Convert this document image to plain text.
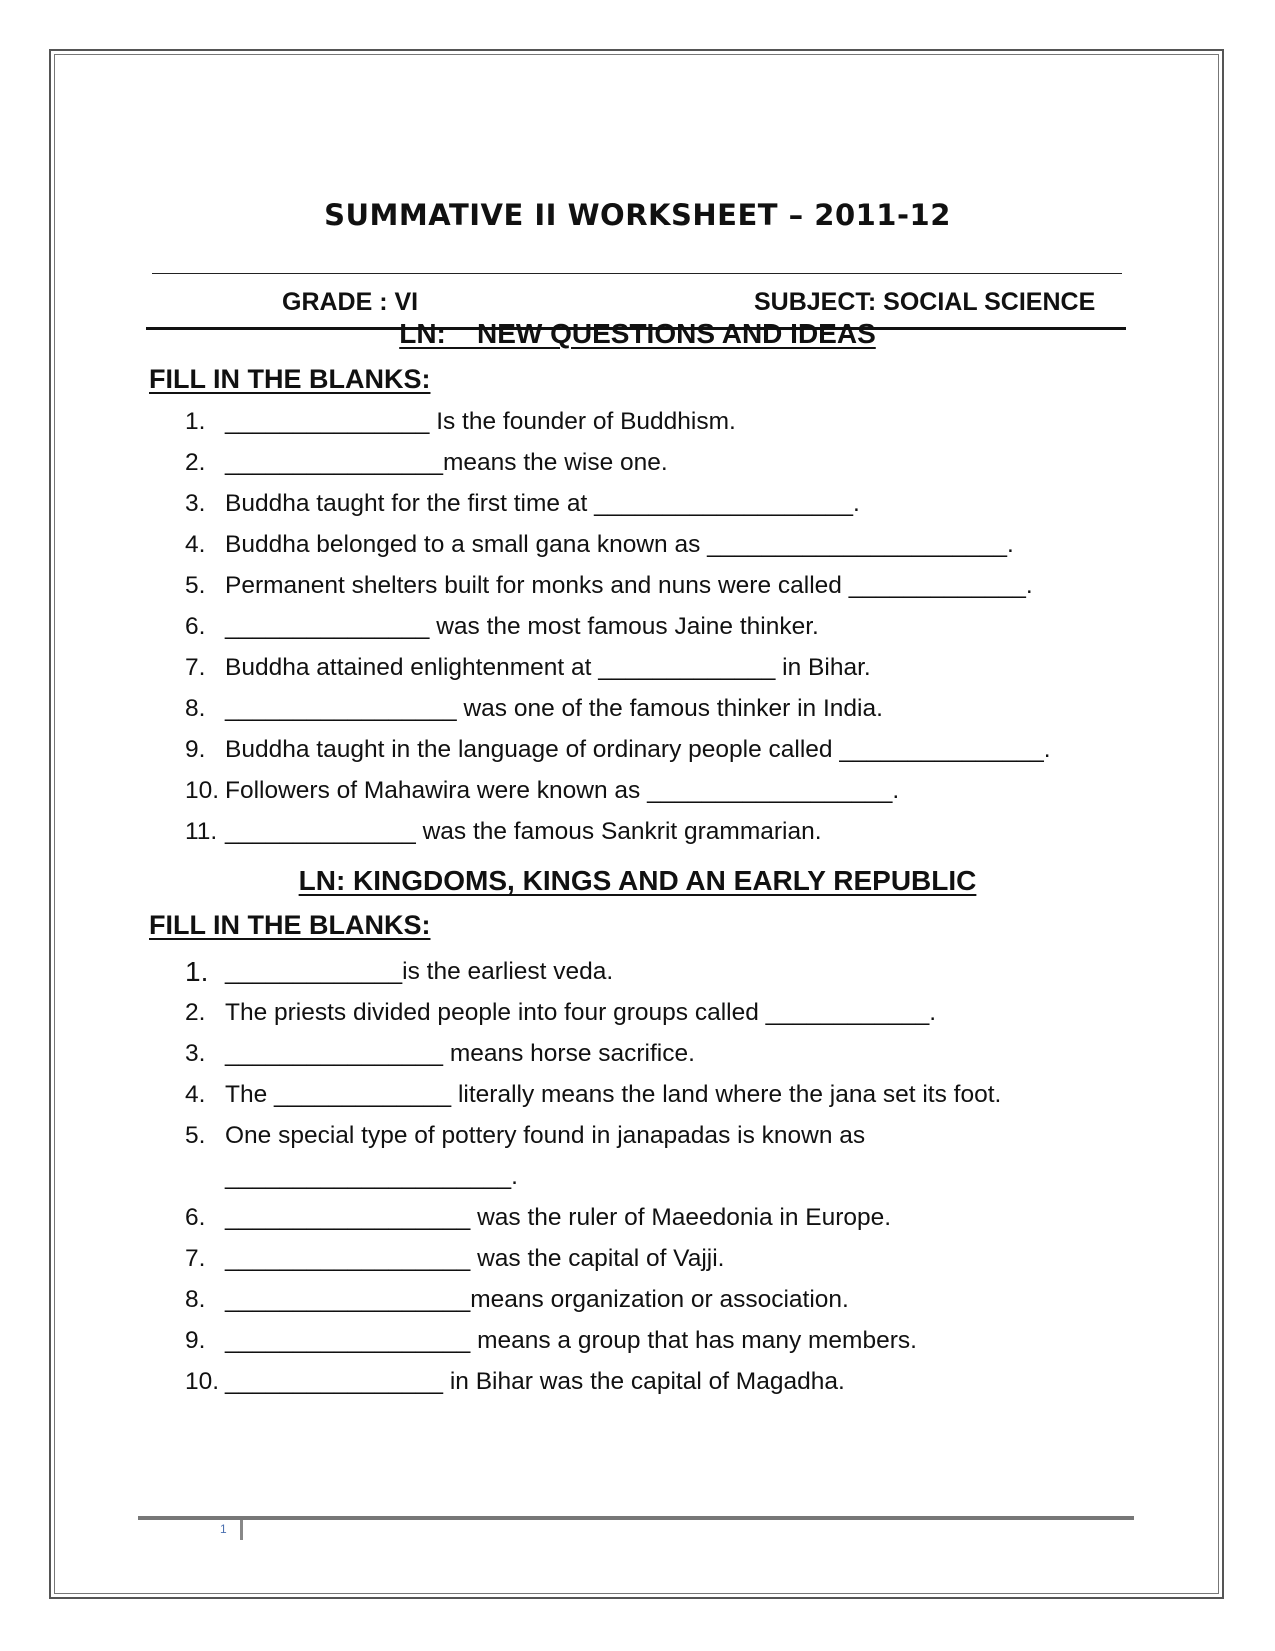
SUMMATIVE II WORKSHEET – 2011-12
GRADE : VI	SUBJECT: SOCIAL SCIENCE
LN:    NEW QUESTIONS AND IDEAS
FILL IN THE BLANKS:
1. _______________ Is the founder of Buddhism.
2. ________________means the wise one.
3. Buddha taught for the first time at ___________________.
4. Buddha belonged to a small gana known as ______________________.
5. Permanent shelters built for monks and nuns were called _____________.
6. _______________ was the most famous Jaine thinker.
7. Buddha attained enlightenment at _____________ in Bihar.
8. _________________ was one of the famous thinker in India.
9. Buddha taught in the language of ordinary people called _______________.
10. Followers of Mahawira were known as __________________.
11. ______________ was the famous Sankrit grammarian.
LN: KINGDOMS, KINGS AND AN EARLY REPUBLIC
FILL IN THE BLANKS:
1. _____________is the earliest veda.
2. The priests divided people into four groups called ____________.
3. ________________ means horse sacrifice.
4. The _____________ literally means the land where the jana set its foot.
5. One special type of pottery found in janapadas is known as _____________________.
6. __________________ was the ruler of Maeedonia in Europe.
7. __________________ was the capital of Vajji.
8. __________________means organization or association.
9. __________________ means a group that has many members.
10. ________________ in Bihar was the capital of Magadha.
1
